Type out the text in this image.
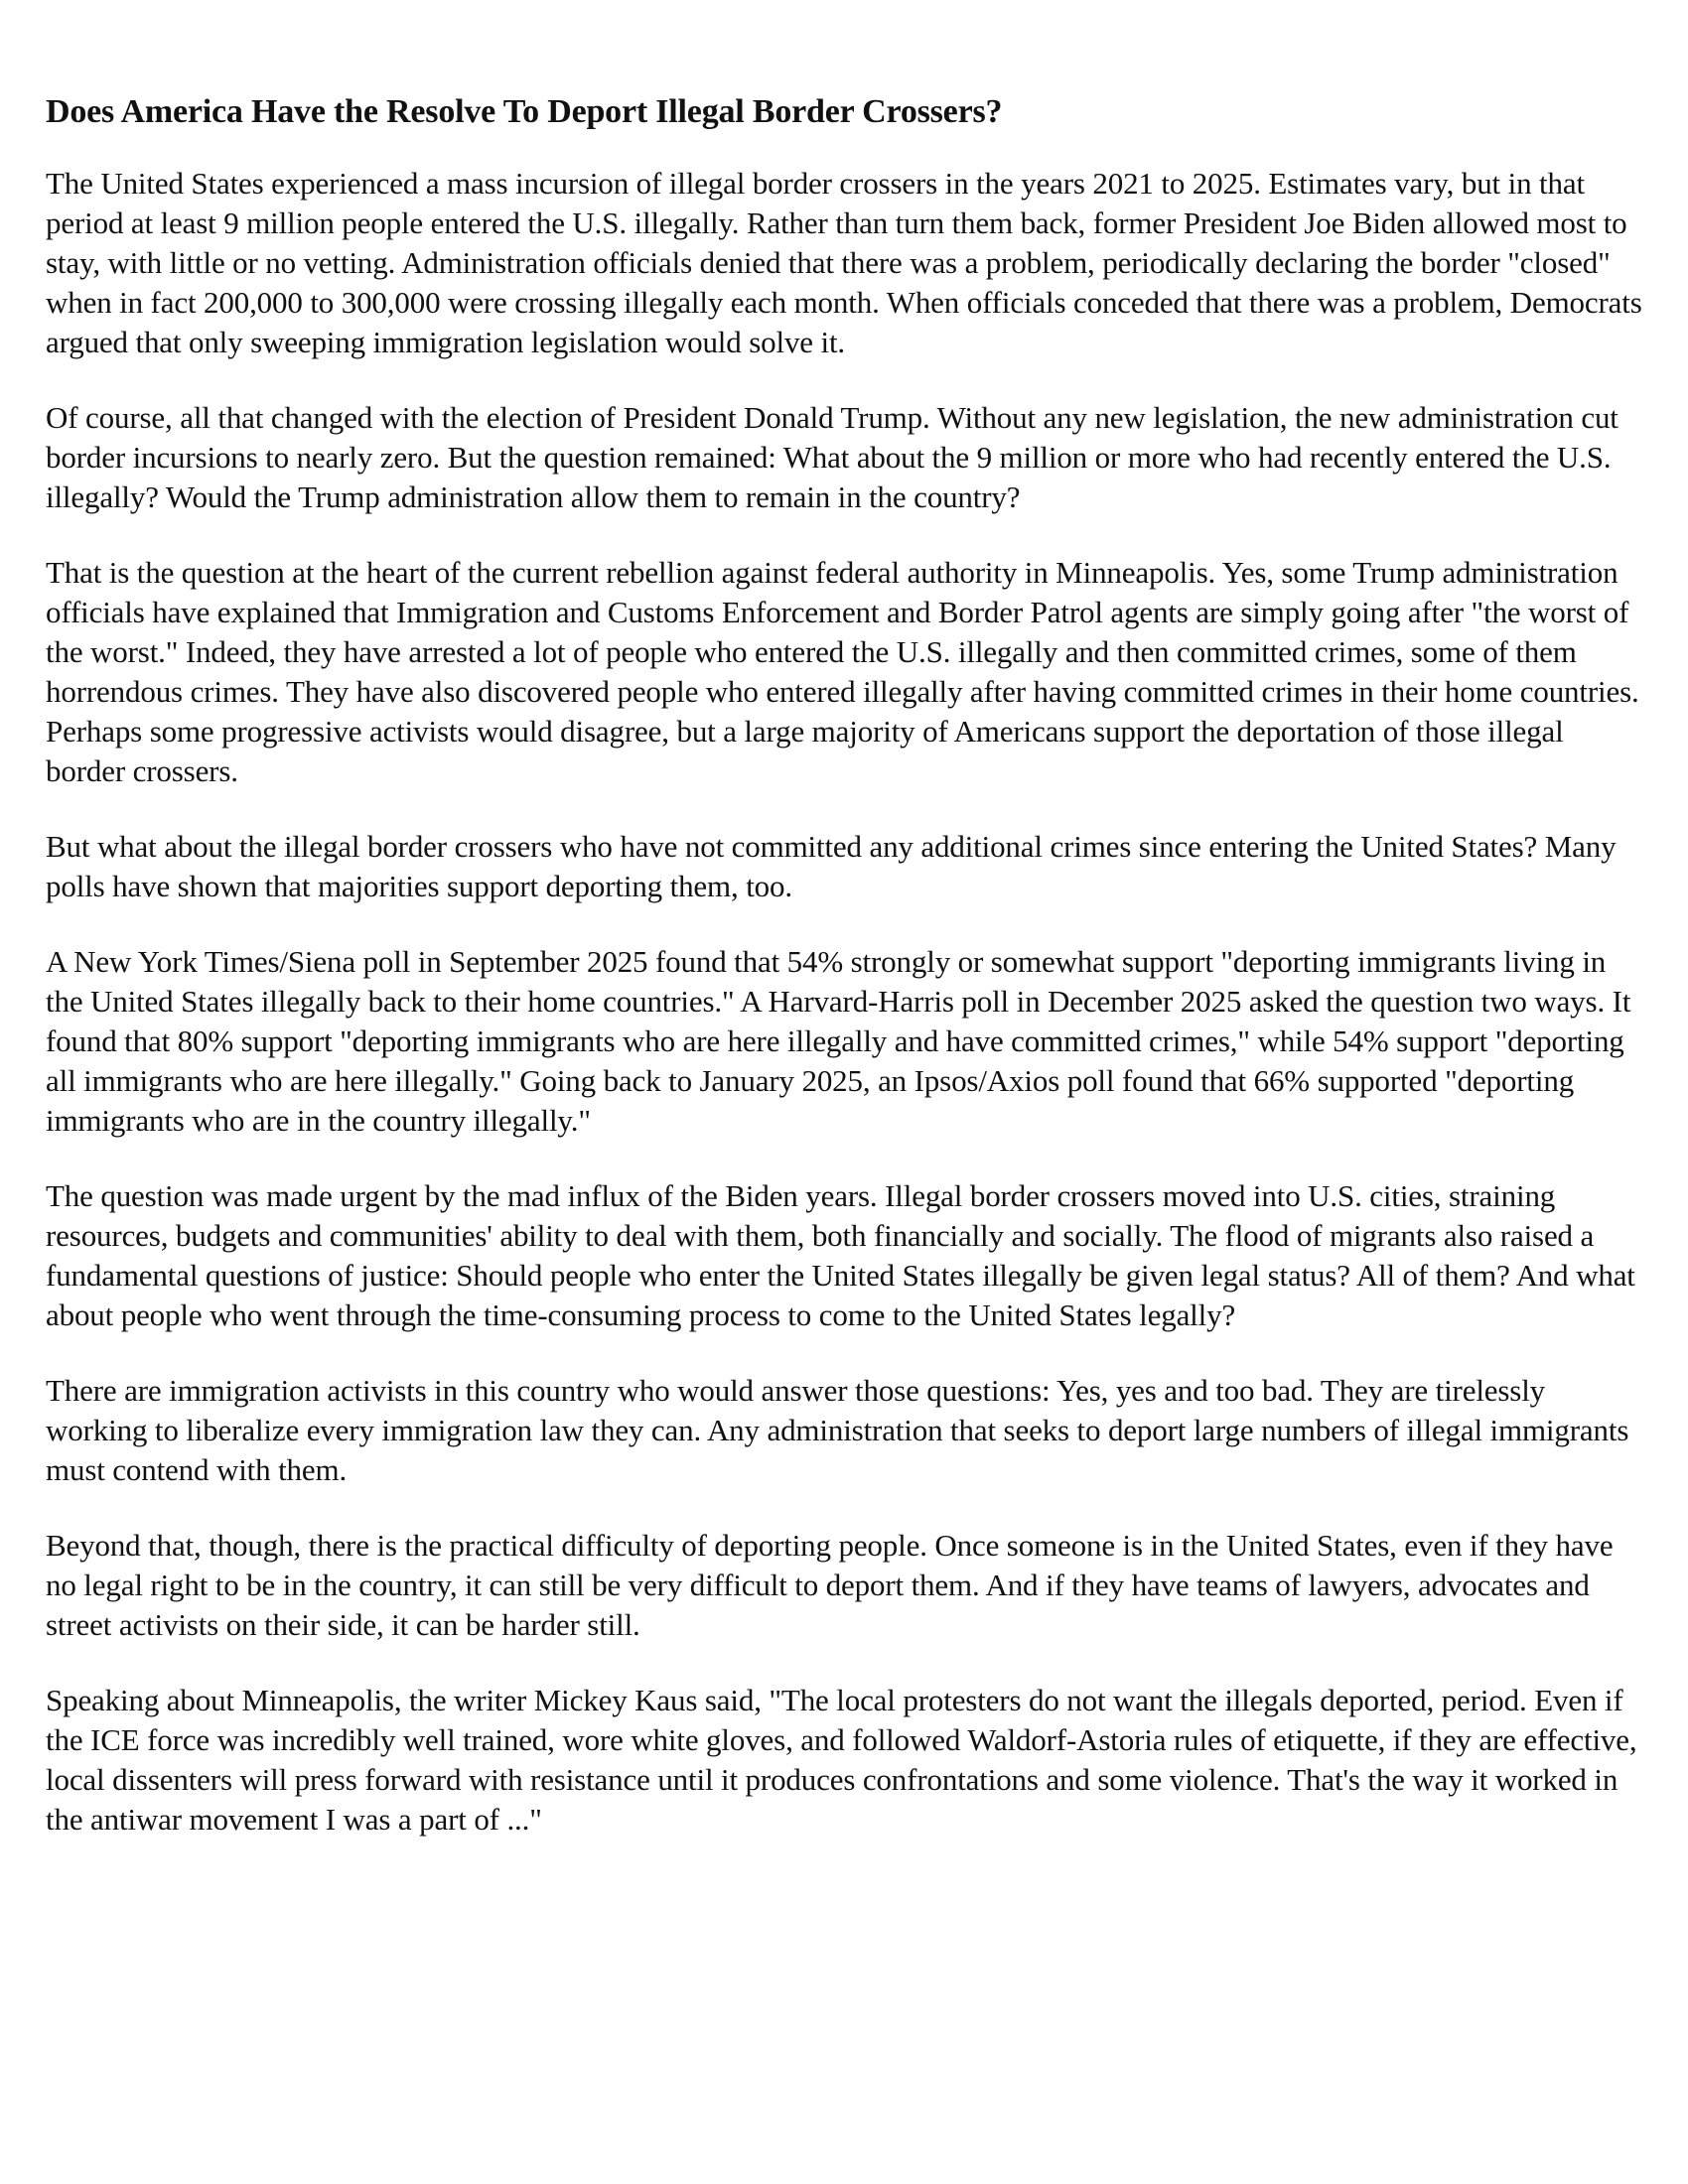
Does America Have the Resolve To Deport Illegal Border Crossers?

The United States experienced a mass incursion of illegal border crossers in the years 2021 to 2025. Estimates vary, but in that period at least 9 million people entered the U.S. illegally. Rather than turn them back, former President Joe Biden allowed most to stay, with little or no vetting. Administration officials denied that there was a problem, periodically declaring the border "closed" when in fact 200,000 to 300,000 were crossing illegally each month. When officials conceded that there was a problem, Democrats argued that only sweeping immigration legislation would solve it.

Of course, all that changed with the election of President Donald Trump. Without any new legislation, the new administration cut border incursions to nearly zero. But the question remained: What about the 9 million or more who had recently entered the U.S. illegally? Would the Trump administration allow them to remain in the country?

That is the question at the heart of the current rebellion against federal authority in Minneapolis. Yes, some Trump administration officials have explained that Immigration and Customs Enforcement and Border Patrol agents are simply going after "the worst of the worst." Indeed, they have arrested a lot of people who entered the U.S. illegally and then committed crimes, some of them horrendous crimes. They have also discovered people who entered illegally after having committed crimes in their home countries. Perhaps some progressive activists would disagree, but a large majority of Americans support the deportation of those illegal border crossers.

But what about the illegal border crossers who have not committed any additional crimes since entering the United States? Many polls have shown that majorities support deporting them, too.

A New York Times/Siena poll in September 2025 found that 54% strongly or somewhat support "deporting immigrants living in the United States illegally back to their home countries." A Harvard-Harris poll in December 2025 asked the question two ways. It found that 80% support "deporting immigrants who are here illegally and have committed crimes," while 54% support "deporting all immigrants who are here illegally." Going back to January 2025, an Ipsos/Axios poll found that 66% supported "deporting immigrants who are in the country illegally."

The question was made urgent by the mad influx of the Biden years. Illegal border crossers moved into U.S. cities, straining resources, budgets and communities' ability to deal with them, both financially and socially. The flood of migrants also raised a fundamental questions of justice: Should people who enter the United States illegally be given legal status? All of them? And what about people who went through the time-consuming process to come to the United States legally?

There are immigration activists in this country who would answer those questions: Yes, yes and too bad. They are tirelessly working to liberalize every immigration law they can. Any administration that seeks to deport large numbers of illegal immigrants must contend with them.

Beyond that, though, there is the practical difficulty of deporting people. Once someone is in the United States, even if they have no legal right to be in the country, it can still be very difficult to deport them. And if they have teams of lawyers, advocates and street activists on their side, it can be harder still.

Speaking about Minneapolis, the writer Mickey Kaus said, "The local protesters do not want the illegals deported, period. Even if the ICE force was incredibly well trained, wore white gloves, and followed Waldorf-Astoria rules of etiquette, if they are effective, local dissenters will press forward with resistance until it produces confrontations and some violence. That's the way it worked in the antiwar movement I was a part of ..."
